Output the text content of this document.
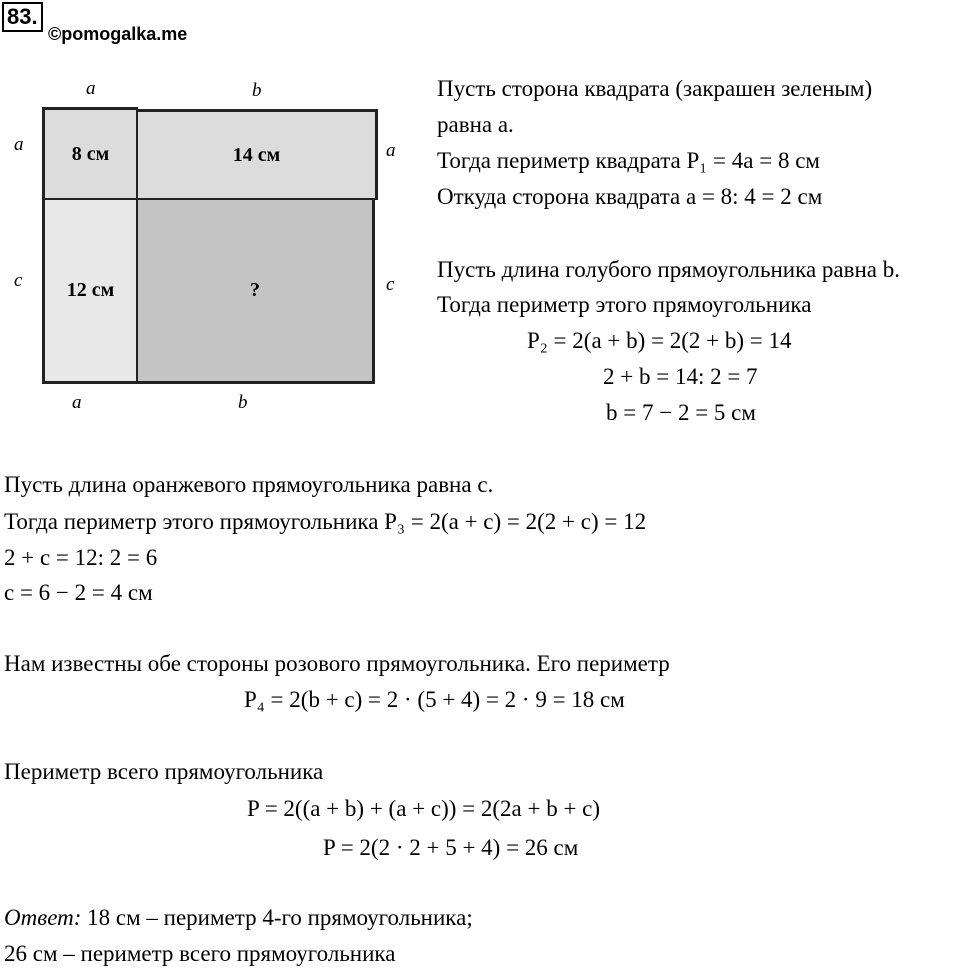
83.
©pomogalka.me
a	b
a
c
a
c
a	b
8 см	14 см
12 см	?
Пусть сторона квадрата (закрашен зеленым)
равна a.
Тогда периметр квадрата P₁ = 4a = 8 см
Откуда сторона квадрата a = 8: 4 = 2 см
Пусть длина голубого прямоугольника равна b.
Тогда периметр этого прямоугольника
P₂ = 2(a + b) = 2(2 + b) = 14
2 + b = 14: 2 = 7
b = 7 − 2 = 5 см
Пусть длина оранжевого прямоугольника равна c.
Тогда периметр этого прямоугольника P₃ = 2(a + c) = 2(2 + c) = 12
2 + c = 12: 2 = 6
c = 6 − 2 = 4 см
Нам известны обе стороны розового прямоугольника. Его периметр
P₄ = 2(b + c) = 2 · (5 + 4) = 2 · 9 = 18 см
Периметр всего прямоугольника
P = 2((a + b) + (a + c)) = 2(2a + b + c)
P = 2(2 · 2 + 5 + 4) = 26 см
Ответ: 18 см – периметр 4-го прямоугольника;
26 см – периметр всего прямоугольника
